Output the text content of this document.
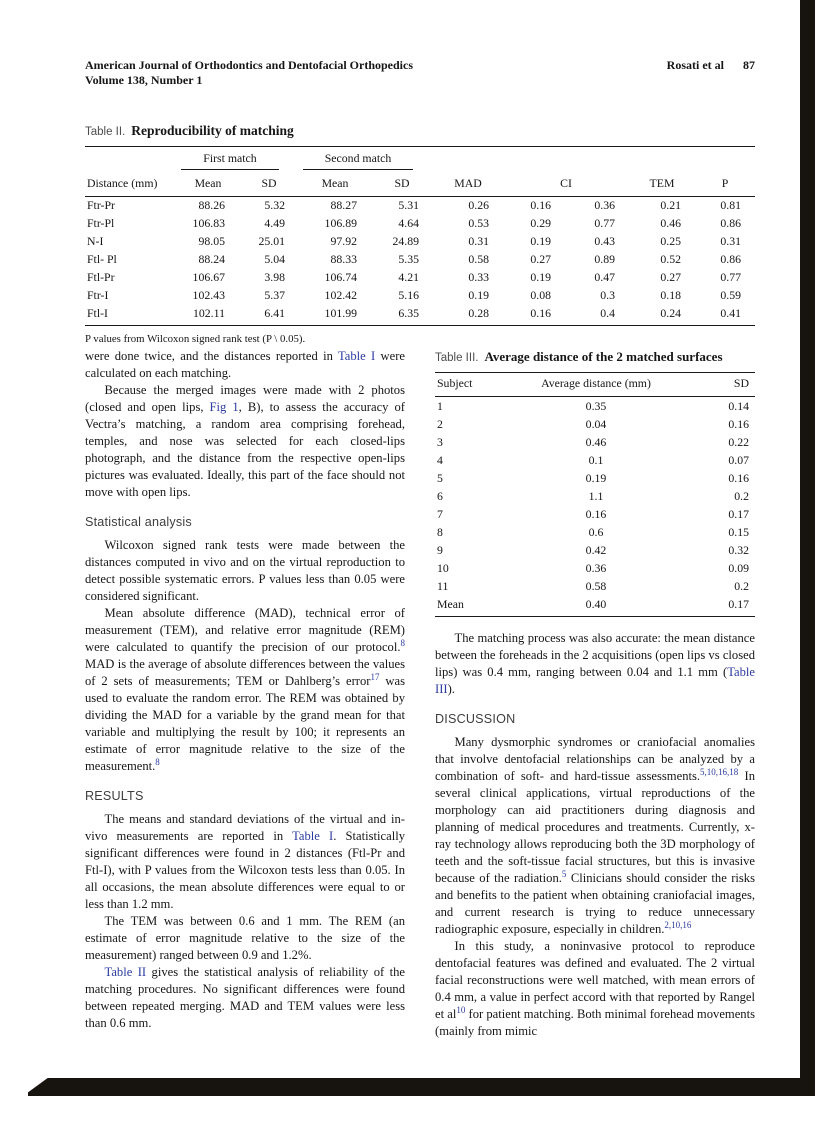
American Journal of Orthodontics and Dentofacial Orthopedics
Volume 138, Number 1
Rosati et al 87
Table II. Reproducibility of matching

	First match		Second match						

Distance (mm)	Mean	SD	Mean	SD	MAD	CI		TEM	P
Ftr-Pr	88.26	5.32	88.27	5.31	0.26	0.16	0.36	0.21	0.81
Ftr-Pl	106.83	4.49	106.89	4.64	0.53	0.29	0.77	0.46	0.86
N-I	98.05	25.01	97.92	24.89	0.31	0.19	0.43	0.25	0.31
Ftl- Pl	88.24	5.04	88.33	5.35	0.58	0.27	0.89	0.52	0.86
Ftl-Pr	106.67	3.98	106.74	4.21	0.33	0.19	0.47	0.27	0.77
Ftr-I	102.43	5.37	102.42	5.16	0.19	0.08	0.3	0.18	0.59
Ftl-I	102.11	6.41	101.99	6.35	0.28	0.16	0.4	0.24	0.41
P values from Wilcoxon signed rank test (P \ 0.05).

were done twice, and the distances reported in Table I were calculated on each matching.

Because the merged images were made with 2 photos (closed and open lips, Fig 1, B), to assess the accuracy of Vectra’s matching, a random area comprising forehead, temples, and nose was selected for each closed-lips photograph, and the distance from the respective open-lips pictures was evaluated. Ideally, this part of the face should not move with open lips.

Statistical analysis

Wilcoxon signed rank tests were made between the distances computed in vivo and on the virtual reproduction to detect possible systematic errors. P values less than 0.05 were considered significant.

Mean absolute difference (MAD), technical error of measurement (TEM), and relative error magnitude (REM) were calculated to quantify the precision of our protocol.$^8$ MAD is the average of absolute differences between the values of 2 sets of measurements; TEM or Dahlberg’s error$^{17}$ was used to evaluate the random error. The REM was obtained by dividing the MAD for a variable by the grand mean for that variable and multiplying the result by 100; it represents an estimate of error magnitude relative to the size of the measurement.$^8$

RESULTS

The means and standard deviations of the virtual and in-vivo measurements are reported in Table I. Statistically significant differences were found in 2 distances (Ftl-Pr and Ftl-I), with P values from the Wilcoxon tests less than 0.05. In all occasions, the mean absolute differences were equal to or less than 1.2 mm.

The TEM was between 0.6 and 1 mm. The REM (an estimate of error magnitude relative to the size of the measurement) ranged between 0.9 and 1.2%.

Table II gives the statistical analysis of reliability of the matching procedures. No significant differences were found between repeated merging. MAD and TEM values were less than 0.6 mm.

Table III. Average distance of the 2 matched surfaces
Subject	Average distance (mm)	SD
1	0.35	0.14
2	0.04	0.16
3	0.46	0.22
4	0.1	0.07
5	0.19	0.16
6	1.1	0.2
7	0.16	0.17
8	0.6	0.15
9	0.42	0.32
10	0.36	0.09
11	0.58	0.2
Mean	0.40	0.17

The matching process was also accurate: the mean distance between the foreheads in the 2 acquisitions (open lips vs closed lips) was 0.4 mm, ranging between 0.04 and 1.1 mm (Table III).

DISCUSSION

Many dysmorphic syndromes or craniofacial anomalies that involve dentofacial relationships can be analyzed by a combination of soft- and hard-tissue assessments.$^{5,10,16,18}$ In several clinical applications, virtual reproductions of the morphology can aid practitioners during diagnosis and planning of medical procedures and treatments. Currently, x-ray technology allows reproducing both the 3D morphology of teeth and the soft-tissue facial structures, but this is invasive because of the radiation.$^5$ Clinicians should consider the risks and benefits to the patient when obtaining craniofacial images, and current research is trying to reduce unnecessary radiographic exposure, especially in children.$^{2,10,16}$

In this study, a noninvasive protocol to reproduce dentofacial features was defined and evaluated. The 2 virtual facial reconstructions were well matched, with mean errors of 0.4 mm, a value in perfect accord with that reported by Rangel et $al^{10}$ for patient matching. Both minimal forehead movements (mainly from mimic
